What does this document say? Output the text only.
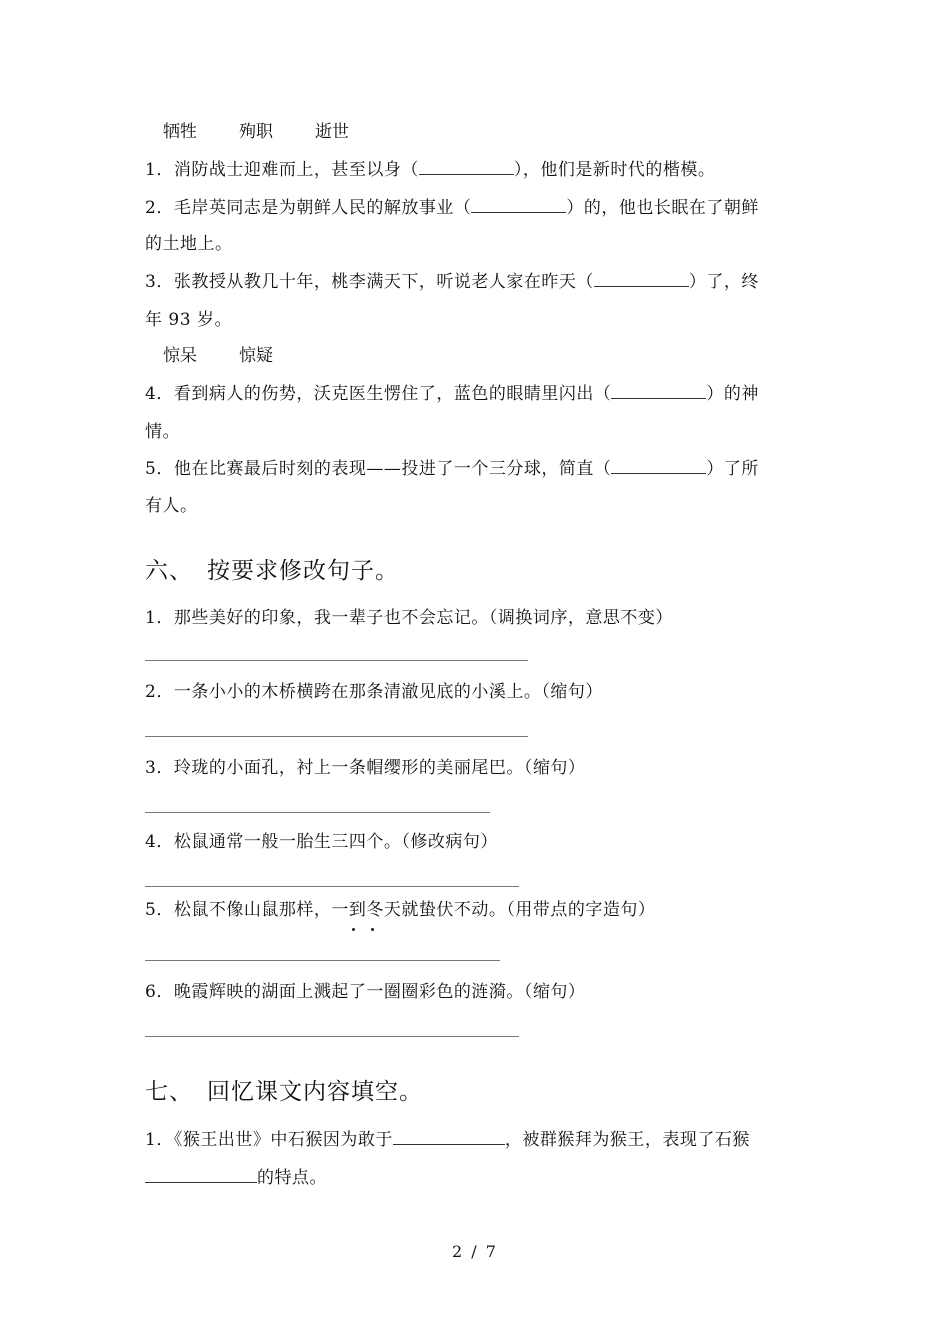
牺牲 殉职 逝世
1．消防战士迎难而上，甚至以身（	），他们是新时代的楷模。
2．毛岸英同志是为朝鲜人民的解放事业（	）的，他也长眠在了朝鲜
的土地上。
3．张教授从教几十年，桃李满天下，听说老人家在昨天（	）了，终
年 93 岁。
惊呆 惊疑
4．看到病人的伤势，沃克医生愣住了，蓝色的眼睛里闪出（	）的神
情。
5．他在比赛最后时刻的表现——投进了一个三分球，简直（	）了所
有人。
六、 按要求修改句子。
1．那些美好的印象，我一辈子也不会忘记。（调换词序，意思不变）
2．一条小小的木桥横跨在那条清澈见底的小溪上。（缩句）
3．玲珑的小面孔，衬上一条帽缨形的美丽尾巴。（缩句）
4．松鼠通常一般一胎生三四个。（修改病句）
5．松鼠不像山鼠那样，一到冬天就蛰伏不动。（用带点的字造句）
6．晚霞辉映的湖面上溅起了一圈圈彩色的涟漪。（缩句）
七、 回忆课文内容填空。
1．《猴王出世》中石猴因为敢于	，被群猴拜为猴王，表现了石猴
的特点。
2 / 7
